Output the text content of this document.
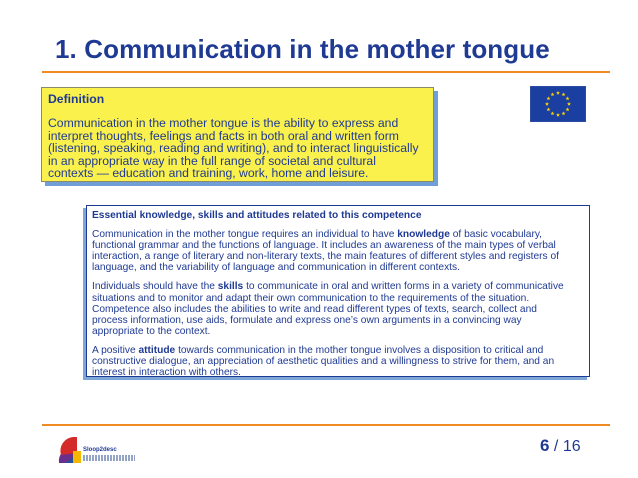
1. Communication in the mother tongue
Definition
Communication in the mother tongue is the ability to express and
interpret thoughts, feelings and facts in both oral and written form
(listening, speaking, reading and writing), and to interact linguistically
in an appropriate way in the full range of societal and cultural
contexts — education and training, work, home and leisure.
Essential knowledge, skills and attitudes related to this competence

Communication in the mother tongue requires an individual to have knowledge of basic vocabulary,
functional grammar and the functions of language. It includes an awareness of the main types of verbal
interaction, a range of literary and non-literary texts, the main features of different styles and registers of
language, and the variability of language and communication in different contexts.

Individuals should have the skills to communicate in oral and written forms in a variety of communicative
situations and to monitor and adapt their own communication to the requirements of the situation.
Competence also includes the abilities to write and read different types of texts, search, collect and
process information, use aids, formulate and express one’s own arguments in a convincing way
appropriate to the context.

A positive attitude towards communication in the mother tongue involves a disposition to critical and
constructive dialogue, an appreciation of aesthetic qualities and a willingness to strive for them, and an
interest in interaction with others.

Sloop2desc	6 / 16
